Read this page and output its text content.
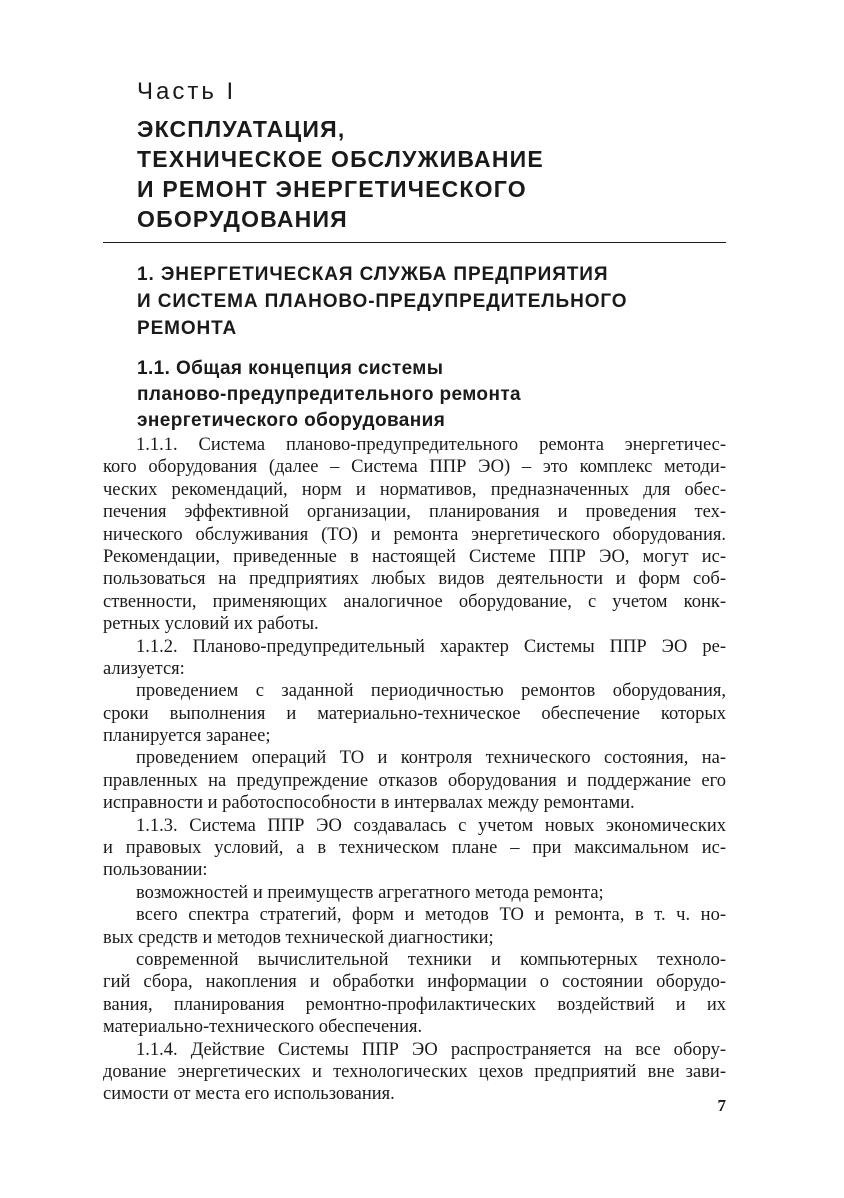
Часть I
ЭКСПЛУАТАЦИЯ,
ТЕХНИЧЕСКОЕ ОБСЛУЖИВАНИЕ
И РЕМОНТ ЭНЕРГЕТИЧЕСКОГО
ОБОРУДОВАНИЯ
1. ЭНЕРГЕТИЧЕСКАЯ СЛУЖБА ПРЕДПРИЯТИЯ
И СИСТЕМА ПЛАНОВО-ПРЕДУПРЕДИТЕЛЬНОГО
РЕМОНТА
1.1. Общая концепция системы
планово-предупредительного ремонта
энергетического оборудования
1.1.1. Система планово-предупредительного ремонта энергетичес-
кого оборудования (далее – Система ППР ЭО) – это комплекс методи-
ческих рекомендаций, норм и нормативов, предназначенных для обес-
печения эффективной организации, планирования и проведения тех-
нического обслуживания (ТО) и ремонта энергетического оборудования.
Рекомендации, приведенные в настоящей Системе ППР ЭО, могут ис-
пользоваться на предприятиях любых видов деятельности и форм соб-
ственности, применяющих аналогичное оборудование, с учетом конк-
ретных условий их работы.
1.1.2. Планово-предупредительный характер Системы ППР ЭО ре-
ализуется:
проведением с заданной периодичностью ремонтов оборудования,
сроки выполнения и материально-техническое обеспечение которых
планируется заранее;
проведением операций ТО и контроля технического состояния, на-
правленных на предупреждение отказов оборудования и поддержание его
исправности и работоспособности в интервалах между ремонтами.
1.1.3. Система ППР ЭО создавалась с учетом новых экономических
и правовых условий, а в техническом плане – при максимальном ис-
пользовании:
возможностей и преимуществ агрегатного метода ремонта;
всего спектра стратегий, форм и методов ТО и ремонта, в т. ч. но-
вых средств и методов технической диагностики;
современной вычислительной техники и компьютерных техноло-
гий сбора, накопления и обработки информации о состоянии оборудо-
вания, планирования ремонтно-профилактических воздействий и их
материально-технического обеспечения.
1.1.4. Действие Системы ППР ЭО распространяется на все обору-
дование энергетических и технологических цехов предприятий вне зави-
симости от места его использования.
7
